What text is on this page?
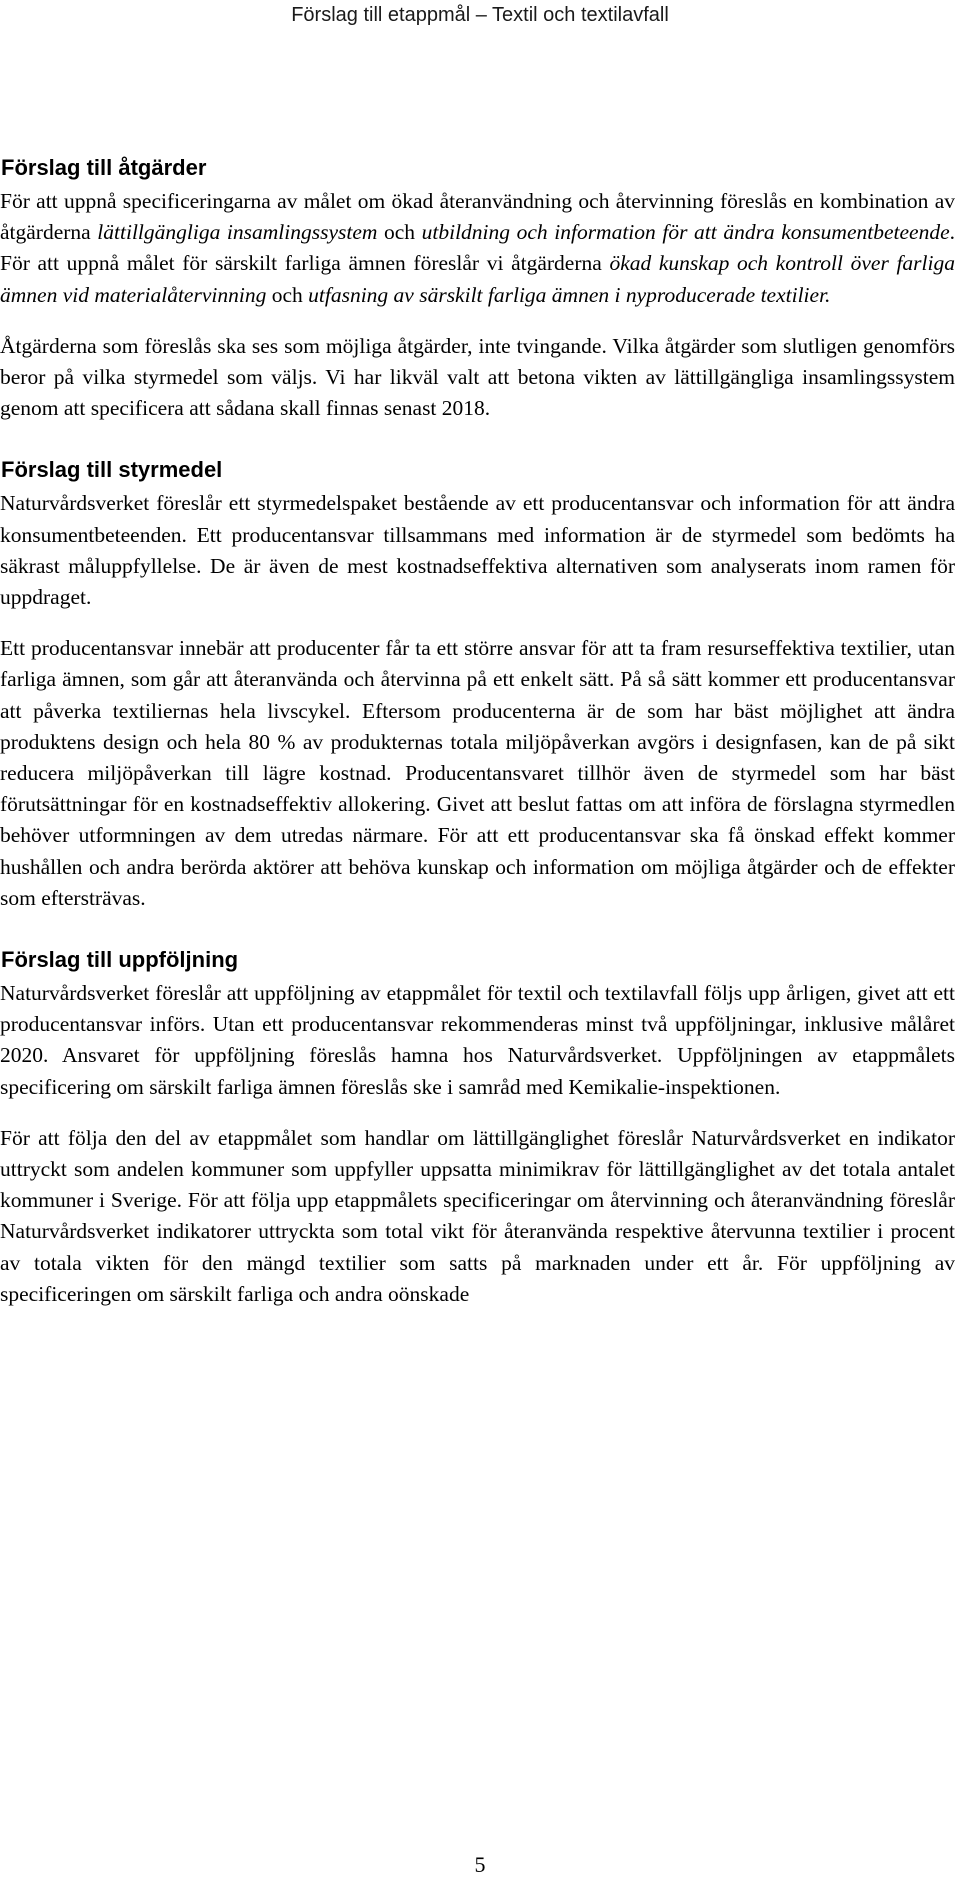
Förslag till etappmål – Textil och textilavfall
Förslag till åtgärder

För att uppnå specificeringarna av målet om ökad återanvändning och återvinning föreslås en kombination av åtgärderna lättillgängliga insamlingssystem och utbildning och information för att ändra konsumentbeteende. För att uppnå målet för särskilt farliga ämnen föreslår vi åtgärderna ökad kunskap och kontroll över farliga ämnen vid materialåtervinning och utfasning av särskilt farliga ämnen i nyproducerade textilier.

Åtgärderna som föreslås ska ses som möjliga åtgärder, inte tvingande. Vilka åtgärder som slutligen genomförs beror på vilka styrmedel som väljs. Vi har likväl valt att betona vikten av lättillgängliga insamlingssystem genom att specificera att sådana skall finnas senast 2018.

Förslag till styrmedel

Naturvårdsverket föreslår ett styrmedelspaket bestående av ett producentansvar och information för att ändra konsumentbeteenden. Ett producentansvar tillsammans med information är de styrmedel som bedömts ha säkrast måluppfyllelse. De är även de mest kostnadseffektiva alternativen som analyserats inom ramen för uppdraget.

Ett producentansvar innebär att producenter får ta ett större ansvar för att ta fram resurseffektiva textilier, utan farliga ämnen, som går att återanvända och återvinna på ett enkelt sätt. På så sätt kommer ett producentansvar att påverka textiliernas hela livscykel. Eftersom producenterna är de som har bäst möjlighet att ändra produktens design och hela 80 % av produkternas totala miljöpåverkan avgörs i designfasen, kan de på sikt reducera miljöpåverkan till lägre kostnad. Producentansvaret tillhör även de styrmedel som har bäst förutsättningar för en kostnadseffektiv allokering. Givet att beslut fattas om att införa de förslagna styrmedlen behöver utformningen av dem utredas närmare. För att ett producentansvar ska få önskad effekt kommer hushållen och andra berörda aktörer att behöva kunskap och information om möjliga åtgärder och de effekter som eftersträvas.

Förslag till uppföljning

Naturvårdsverket föreslår att uppföljning av etappmålet för textil och textilavfall följs upp årligen, givet att ett producentansvar införs. Utan ett producentansvar rekommenderas minst två uppföljningar, inklusive målåret 2020. Ansvaret för uppföljning föreslås hamna hos Naturvårdsverket. Uppföljningen av etappmålets specificering om särskilt farliga ämnen föreslås ske i samråd med Kemikalie-inspektionen.

För att följa den del av etappmålet som handlar om lättillgänglighet föreslår Naturvårdsverket en indikator uttryckt som andelen kommuner som uppfyller uppsatta minimikrav för lättillgänglighet av det totala antalet kommuner i Sverige. För att följa upp etappmålets specificeringar om återvinning och återanvändning föreslår Naturvårdsverket indikatorer uttryckta som total vikt för återanvända respektive återvunna textilier i procent av totala vikten för den mängd textilier som satts på marknaden under ett år. För uppföljning av specificeringen om särskilt farliga och andra oönskade

5
